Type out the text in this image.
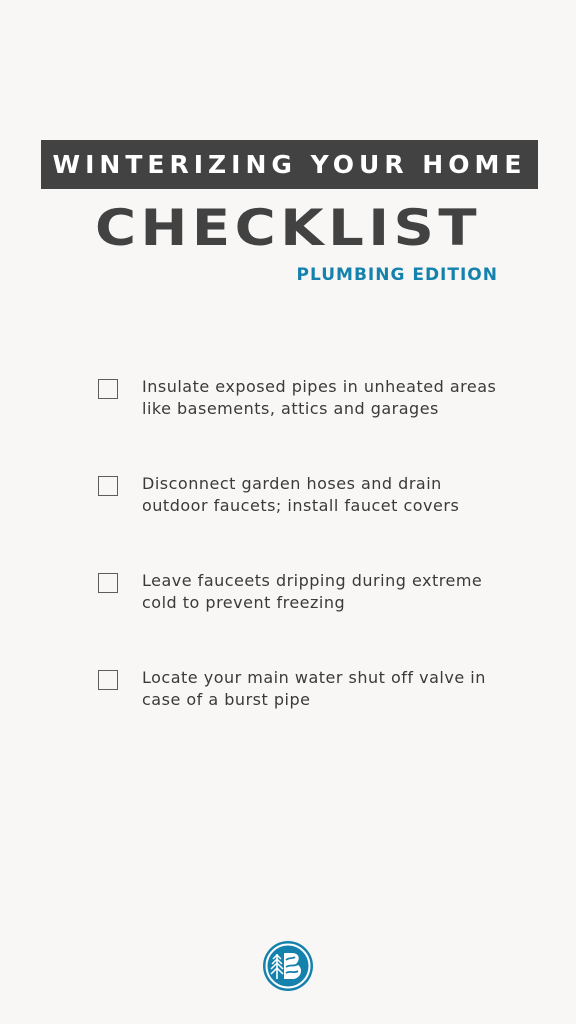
WINTERIZING YOUR HOME
CHECKLIST
PLUMBING EDITION
Insulate exposed pipes in unheated areas like basements, attics and garages
Disconnect garden hoses and drain outdoor faucets; install faucet covers
Leave fauceets dripping during extreme cold to prevent freezing
Locate your main water shut off valve in case of a burst pipe
